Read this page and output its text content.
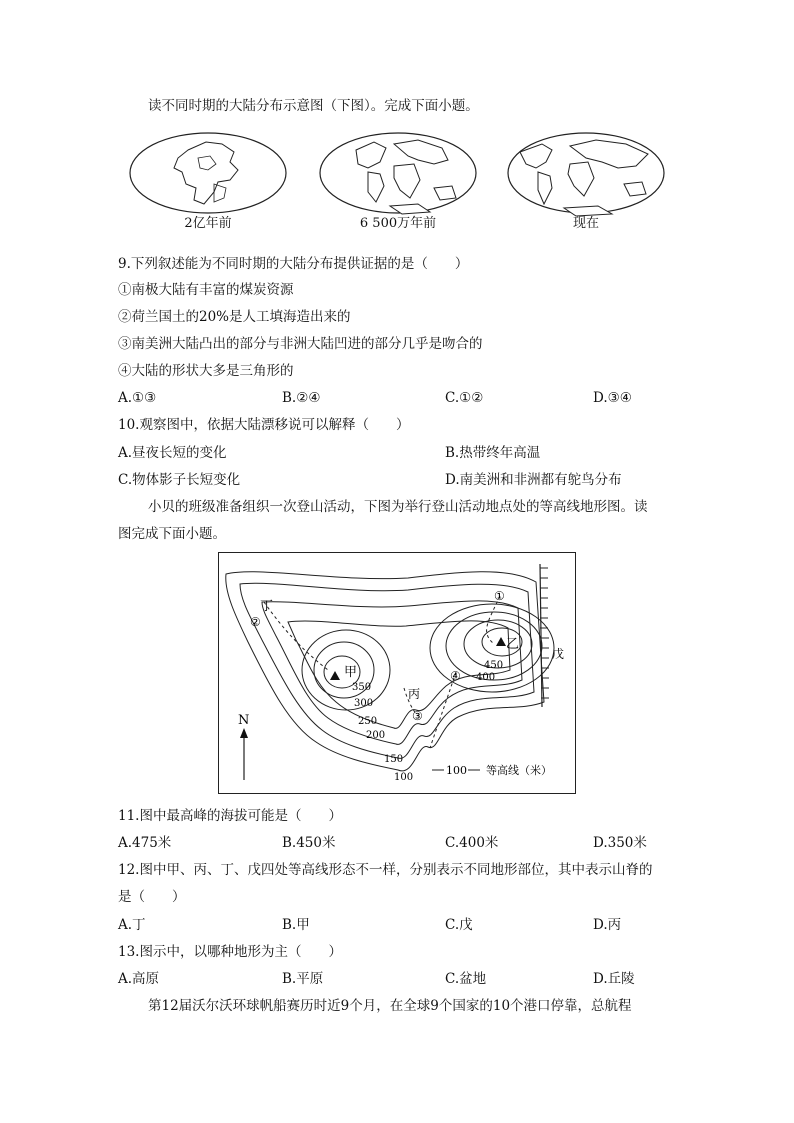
读不同时期的大陆分布示意图（下图）。完成下面小题。
2亿年前	6 500万年前	现在
9.下列叙述能为不同时期的大陆分布提供证据的是（　　）
①南极大陆有丰富的煤炭资源
②荷兰国土的20%是人工填海造出来的
③南美洲大陆凸出的部分与非洲大陆凹进的部分几乎是吻合的
④大陆的形状大多是三角形的
A.①③	B.②④	C.①②	D.③④
10.观察图中，依据大陆漂移说可以解释（　　）
A.昼夜长短的变化	B.热带终年高温
C.物体影子长短变化	D.南美洲和非洲都有鸵鸟分布
小贝的班级准备组织一次登山活动，下图为举行登山活动地点处的等高线地形图。读
图完成下面小题。
甲
乙
丙
丁
戊
①
②
③
④
350
300
250
200
150
100
450
400
N
100 等高线（米）
11.图中最高峰的海拔可能是（　　）
A.475米	B.450米	C.400米	D.350米
12.图中甲、丙、丁、戊四处等高线形态不一样，分别表示不同地形部位，其中表示山脊的
是（　　）
A.丁	B.甲	C.戊	D.丙
13.图示中，以哪种地形为主（　　）
A.高原	B.平原	C.盆地	D.丘陵
第12届沃尔沃环球帆船赛历时近9个月，在全球9个国家的10个港口停靠，总航程
